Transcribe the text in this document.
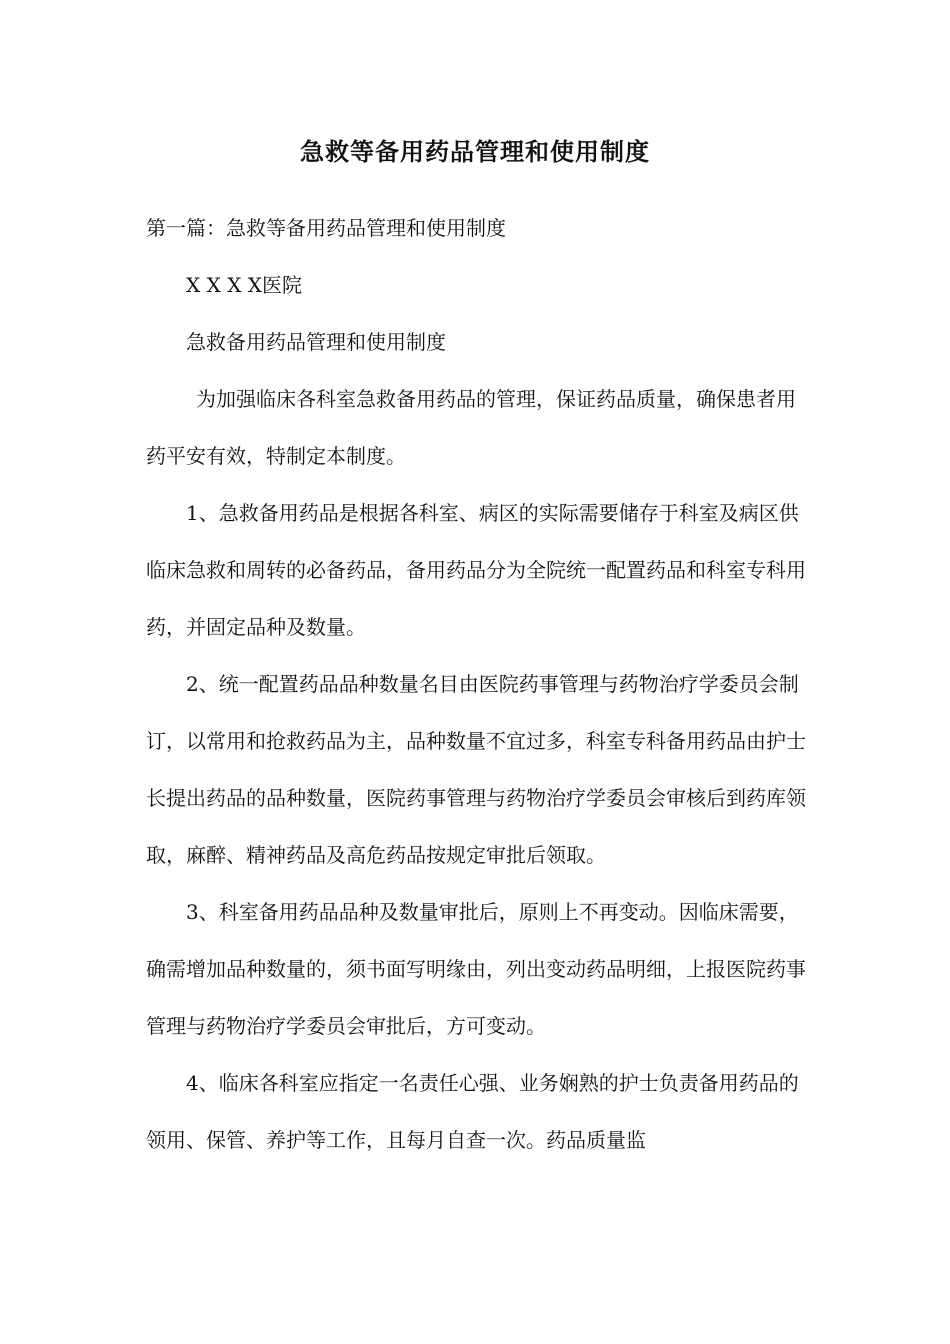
急救等备用药品管理和使用制度

第一篇：急救等备用药品管理和使用制度

X X X X医院

急救备用药品管理和使用制度

为加强临床各科室急救备用药品的管理，保证药品质量，确保患者用药平安有效，特制定本制度。

1、急救备用药品是根据各科室、病区的实际需要储存于科室及病区供临床急救和周转的必备药品，备用药品分为全院统一配置药品和科室专科用药，并固定品种及数量。

2、统一配置药品品种数量名目由医院药事管理与药物治疗学委员会制订，以常用和抢救药品为主，品种数量不宜过多，科室专科备用药品由护士长提出药品的品种数量，医院药事管理与药物治疗学委员会审核后到药库领取，麻醉、精神药品及高危药品按规定审批后领取。

3、科室备用药品品种及数量审批后，原则上不再变动。因临床需要，确需增加品种数量的，须书面写明缘由，列出变动药品明细，上报医院药事管理与药物治疗学委员会审批后，方可变动。

4、临床各科室应指定一名责任心强、业务娴熟的护士负责备用药品的领用、保管、养护等工作，且每月自查一次。药品质量监
